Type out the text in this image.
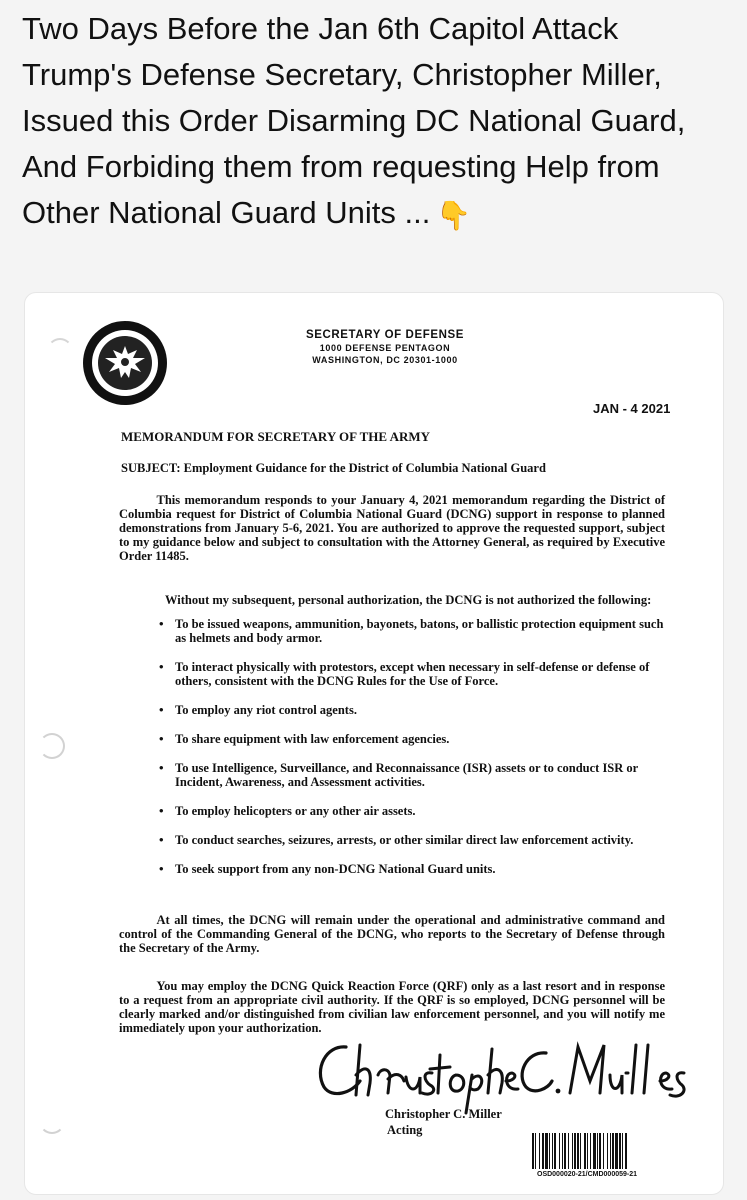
Two Days Before the Jan 6th Capitol Attack Trump's Defense Secretary, Christopher Miller, Issued this Order Disarming DC National Guard, And Forbiding them from requesting Help from Other National Guard Units ... 👇

SECRETARY OF DEFENSE
1000 DEFENSE PENTAGON
WASHINGTON, DC 20301-1000
JAN - 4 2021
MEMORANDUM FOR SECRETARY OF THE ARMY
SUBJECT: Employment Guidance for the District of Columbia National Guard
   This memorandum responds to your January 4, 2021 memorandum regarding the District of Columbia request for District of Columbia National Guard (DCNG) support in response to planned demonstrations from January 5-6, 2021. You are authorized to approve the requested support, subject to my guidance below and subject to consultation with the Attorney General, as required by Executive Order 11485.
Without my subsequent, personal authorization, the DCNG is not authorized the following:
• To be issued weapons, ammunition, bayonets, batons, or ballistic protection equipment such as helmets and body armor.
• To interact physically with protestors, except when necessary in self-defense or defense of others, consistent with the DCNG Rules for the Use of Force.
• To employ any riot control agents.
• To share equipment with law enforcement agencies.
• To use Intelligence, Surveillance, and Reconnaissance (ISR) assets or to conduct ISR or Incident, Awareness, and Assessment activities.
• To employ helicopters or any other air assets.
• To conduct searches, seizures, arrests, or other similar direct law enforcement activity.
• To seek support from any non-DCNG National Guard units.
   At all times, the DCNG will remain under the operational and administrative command and control of the Commanding General of the DCNG, who reports to the Secretary of Defense through the Secretary of the Army.
   You may employ the DCNG Quick Reaction Force (QRF) only as a last resort and in response to a request from an appropriate civil authority. If the QRF is so employed, DCNG personnel will be clearly marked and/or distinguished from civilian law enforcement personnel, and you will notify me immediately upon your authorization.
Christopher C. Miller
Acting
OSD000020-21/CMD000059-21
